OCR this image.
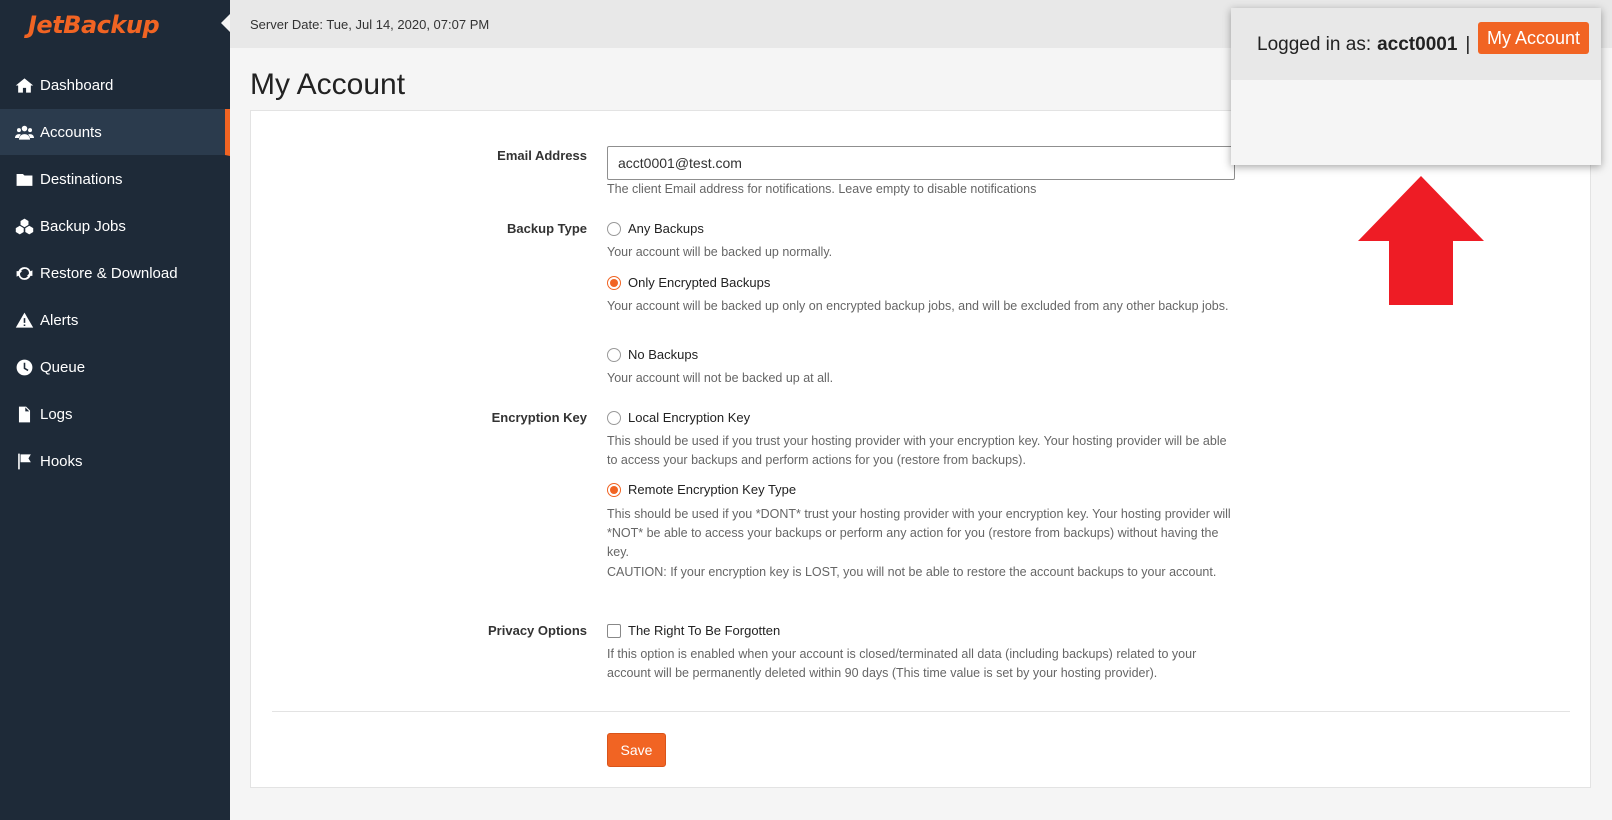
JetBackup
Dashboard
Accounts
Destinations
Backup Jobs
Restore & Download
Alerts
Queue
Logs
Hooks
Server Date: Tue, Jul 14, 2020, 07:07 PM
My Account
Email Address
acct0001@test.com
The client Email address for notifications. Leave empty to disable notifications
Backup Type	Any Backups
Your account will be backed up normally.
Only Encrypted Backups
Your account will be backed up only on encrypted backup jobs, and will be excluded from any other backup jobs.
No Backups
Your account will not be backed up at all.
Encryption Key	Local Encryption Key
This should be used if you trust your hosting provider with your encryption key. Your hosting provider will be able to access your backups and perform actions for you (restore from backups).
Remote Encryption Key Type
This should be used if you *DONT* trust your hosting provider with your encryption key. Your hosting provider will *NOT* be able to access your backups or perform any action for you (restore from backups) without having the key.
CAUTION: If your encryption key is LOST, you will not be able to restore the account backups to your account.
Privacy Options	The Right To Be Forgotten
If this option is enabled when your account is closed/terminated all data (including backups) related to your account will be permanently deleted within 90 days (This time value is set by your hosting provider).
Save
Logged in as: acct0001 | My Account
